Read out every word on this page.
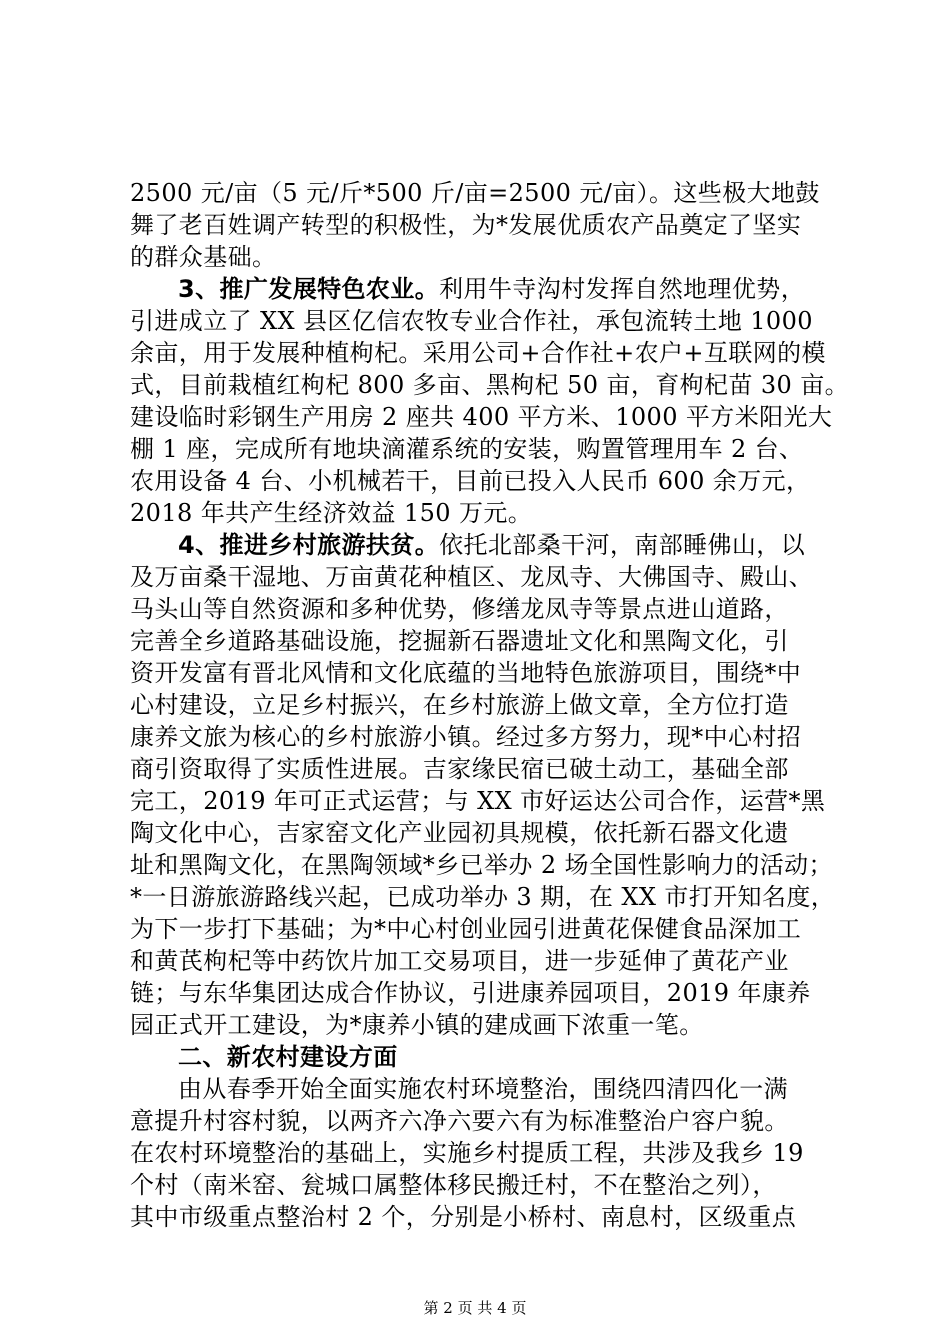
2500 元/亩（5 元/斤*500 斤/亩=2500 元/亩）。这些极大地鼓
舞了老百姓调产转型的积极性，为*发展优质农产品奠定了坚实
的群众基础。
3、推广发展特色农业。利用牛寺沟村发挥自然地理优势，
引进成立了 XX 县区亿信农牧专业合作社，承包流转土地 1000
余亩，用于发展种植枸杞。采用公司+合作社+农户+互联网的模
式，目前栽植红枸杞 800 多亩、黑枸杞 50 亩，育枸杞苗 30 亩。
建设临时彩钢生产用房 2 座共 400 平方米、1000 平方米阳光大
棚 1 座，完成所有地块滴灌系统的安装，购置管理用车 2 台、
农用设备 4 台、小机械若干，目前已投入人民币 600 余万元，
2018 年共产生经济效益 150 万元。
4、推进乡村旅游扶贫。依托北部桑干河，南部睡佛山，以
及万亩桑干湿地、万亩黄花种植区、龙凤寺、大佛国寺、殿山、
马头山等自然资源和多种优势，修缮龙凤寺等景点进山道路，
完善全乡道路基础设施，挖掘新石器遗址文化和黑陶文化，引
资开发富有晋北风情和文化底蕴的当地特色旅游项目，围绕*中
心村建设，立足乡村振兴，在乡村旅游上做文章，全方位打造
康养文旅为核心的乡村旅游小镇。经过多方努力，现*中心村招
商引资取得了实质性进展。吉家缘民宿已破土动工，基础全部
完工，2019 年可正式运营；与 XX 市好运达公司合作，运营*黑
陶文化中心，吉家窑文化产业园初具规模，依托新石器文化遗
址和黑陶文化，在黑陶领域*乡已举办 2 场全国性影响力的活动；
*一日游旅游路线兴起，已成功举办 3 期，在 XX 市打开知名度，
为下一步打下基础；为*中心村创业园引进黄花保健食品深加工
和黄芪枸杞等中药饮片加工交易项目，进一步延伸了黄花产业
链；与东华集团达成合作协议，引进康养园项目，2019 年康养
园正式开工建设，为*康养小镇的建成画下浓重一笔。
二、新农村建设方面
由从春季开始全面实施农村环境整治，围绕四清四化一满
意提升村容村貌，以两齐六净六要六有为标准整治户容户貌。
在农村环境整治的基础上，实施乡村提质工程，共涉及我乡 19
个村（南米窑、瓮城口属整体移民搬迁村，不在整治之列），
其中市级重点整治村 2 个，分别是小桥村、南息村，区级重点
第 2 页 共 4 页
